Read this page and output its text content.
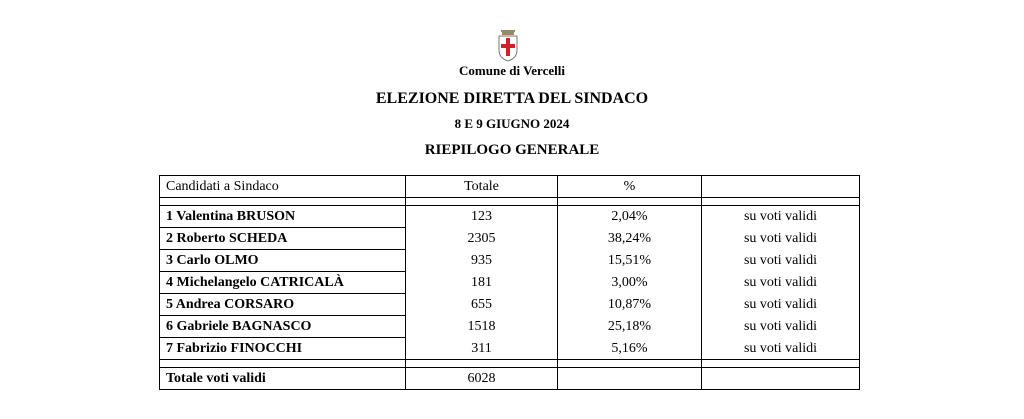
Comune di Vercelli
ELEZIONE DIRETTA DEL SINDACO
8 E 9 GIUGNO 2024
RIEPILOGO GENERALE
Candidati a Sindaco	Totale	%	

1 Valentina BRUSON	123	2,04%	su voti validi
2 Roberto SCHEDA	2305	38,24%	su voti validi
3 Carlo OLMO	935	15,51%	su voti validi
4 Michelangelo CATRICALÀ	181	3,00%	su voti validi
5 Andrea CORSARO	655	10,87%	su voti validi
6 Gabriele BAGNASCO	1518	25,18%	su voti validi
7 Fabrizio FINOCCHI	311	5,16%	su voti validi

Totale voti validi	6028		
